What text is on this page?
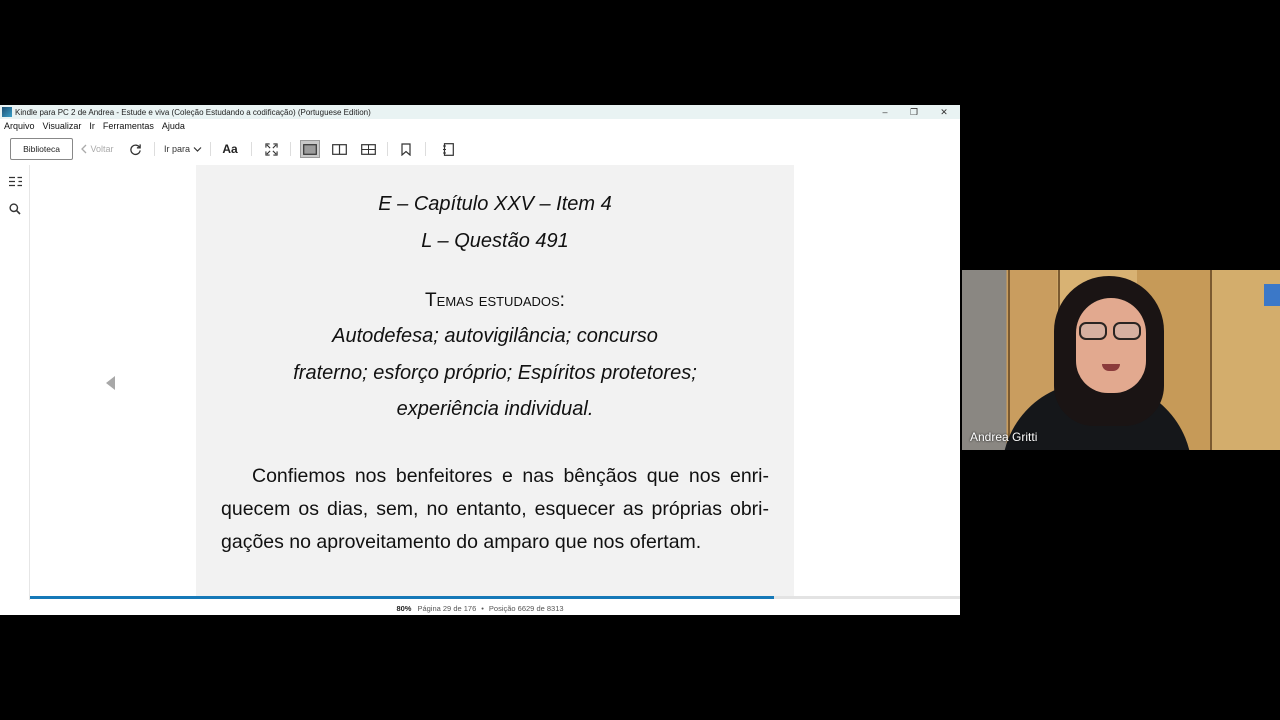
Kindle para PC 2 de Andrea - Estude e viva (Coleção Estudando a codificação) (Portuguese Edition)	–	❐	✕
Arquivo Visualizar Ir Ferramentas Ajuda
Biblioteca	Voltar	Ir para	Aa
E – Capítulo XXV – Item 4
L – Questão 491
Temas estudados:
Autodefesa; autovigilância; concurso
fraterno; esforço próprio; Espíritos protetores;
experiência individual.
Confiemos nos benfeitores e nas bênçãos que nos enri-
quecem os dias, sem, no entanto, esquecer as próprias obri-
gações no aproveitamento do amparo que nos ofertam.
80% Página 29 de 176 • Posição 6629 de 8313
Andrea Gritti
